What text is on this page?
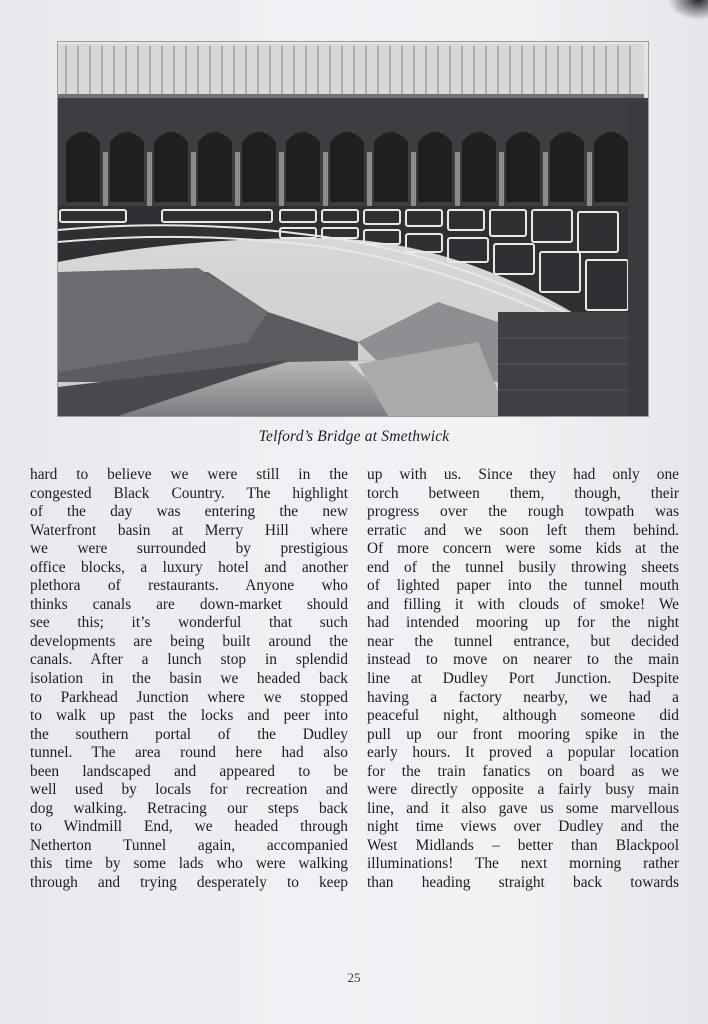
Telford’s Bridge at Smethwick
hard to believe we were still in the
congested Black Country. The highlight
of the day was entering the new
Waterfront basin at Merry Hill where
we were surrounded by prestigious
office blocks, a luxury hotel and another
plethora of restaurants. Anyone who
thinks canals are down-market should
see this; it’s wonderful that such
developments are being built around the
canals. After a lunch stop in splendid
isolation in the basin we headed back
to Parkhead Junction where we stopped
to walk up past the locks and peer into
the southern portal of the Dudley
tunnel. The area round here had also
been landscaped and appeared to be
well used by locals for recreation and
dog walking. Retracing our steps back
to Windmill End, we headed through
Netherton Tunnel again, accompanied
this time by some lads who were walking
through and trying desperately to keep
up with us. Since they had only one
torch between them, though, their
progress over the rough towpath was
erratic and we soon left them behind.
Of more concern were some kids at the
end of the tunnel busily throwing sheets
of lighted paper into the tunnel mouth
and filling it with clouds of smoke! We
had intended mooring up for the night
near the tunnel entrance, but decided
instead to move on nearer to the main
line at Dudley Port Junction. Despite
having a factory nearby, we had a
peaceful night, although someone did
pull up our front mooring spike in the
early hours. It proved a popular location
for the train fanatics on board as we
were directly opposite a fairly busy main
line, and it also gave us some marvellous
night time views over Dudley and the
West Midlands – better than Blackpool
illuminations! The next morning rather
than heading straight back towards
25
